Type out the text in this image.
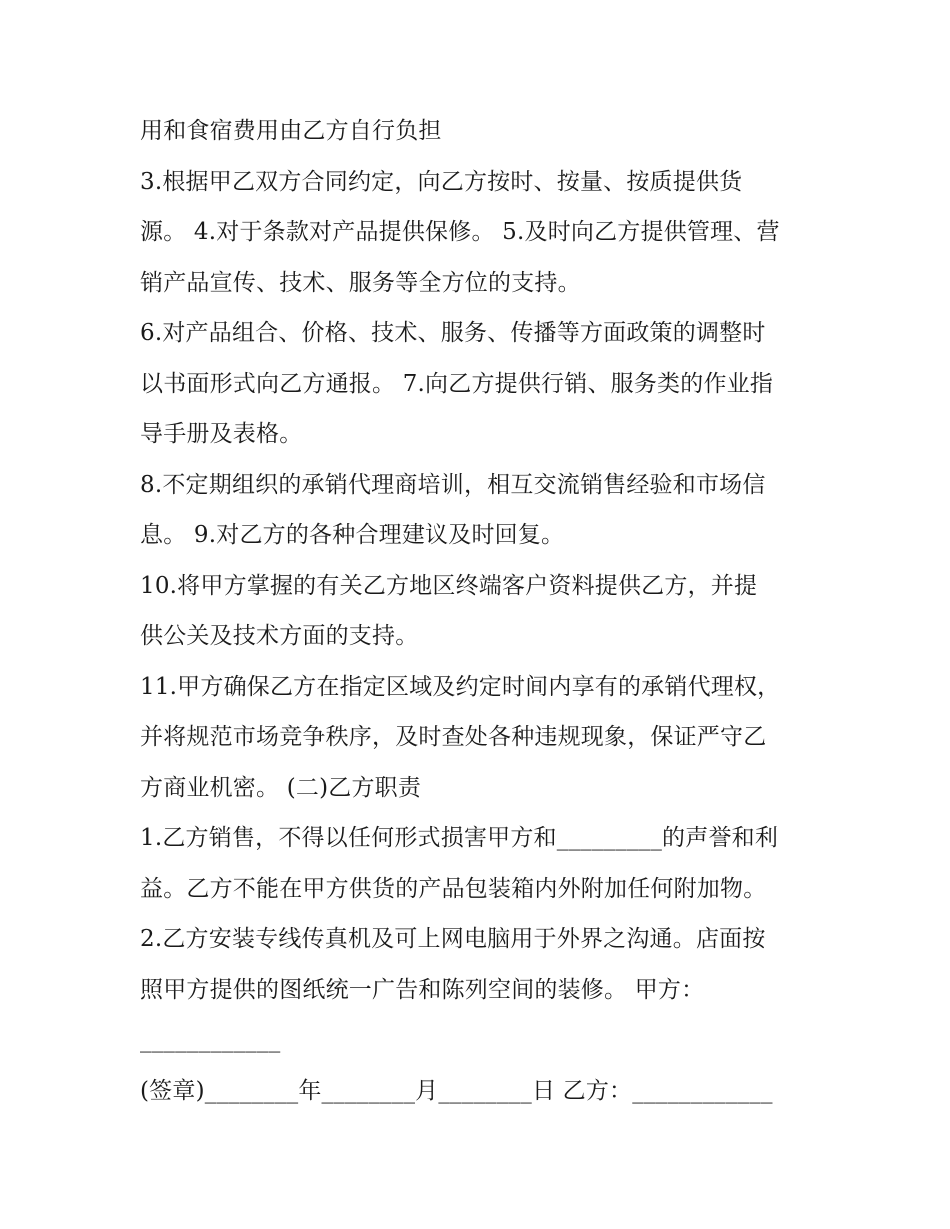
用和食宿费用由乙方自行负担
3.根据甲乙双方合同约定，向乙方按时、按量、按质提供货
源。 4.对于条款对产品提供保修。 5.及时向乙方提供管理、营
销产品宣传、技术、服务等全方位的支持。
6.对产品组合、价格、技术、服务、传播等方面政策的调整时
以书面形式向乙方通报。 7.向乙方提供行销、服务类的作业指
导手册及表格。
8.不定期组织的承销代理商培训，相互交流销售经验和市场信
息。 9.对乙方的各种合理建议及时回复。
10.将甲方掌握的有关乙方地区终端客户资料提供乙方，并提
供公关及技术方面的支持。
11.甲方确保乙方在指定区域及约定时间内享有的承销代理权，
并将规范市场竞争秩序，及时查处各种违规现象，保证严守乙
方商业机密。 (二)乙方职责
1.乙方销售，不得以任何形式损害甲方和_________的声誉和利
益。乙方不能在甲方供货的产品包装箱内外附加任何附加物。
2.乙方安装专线传真机及可上网电脑用于外界之沟通。店面按
照甲方提供的图纸统一广告和陈列空间的装修。 甲方：
____________
(签章)________年________月________日 乙方：____________
